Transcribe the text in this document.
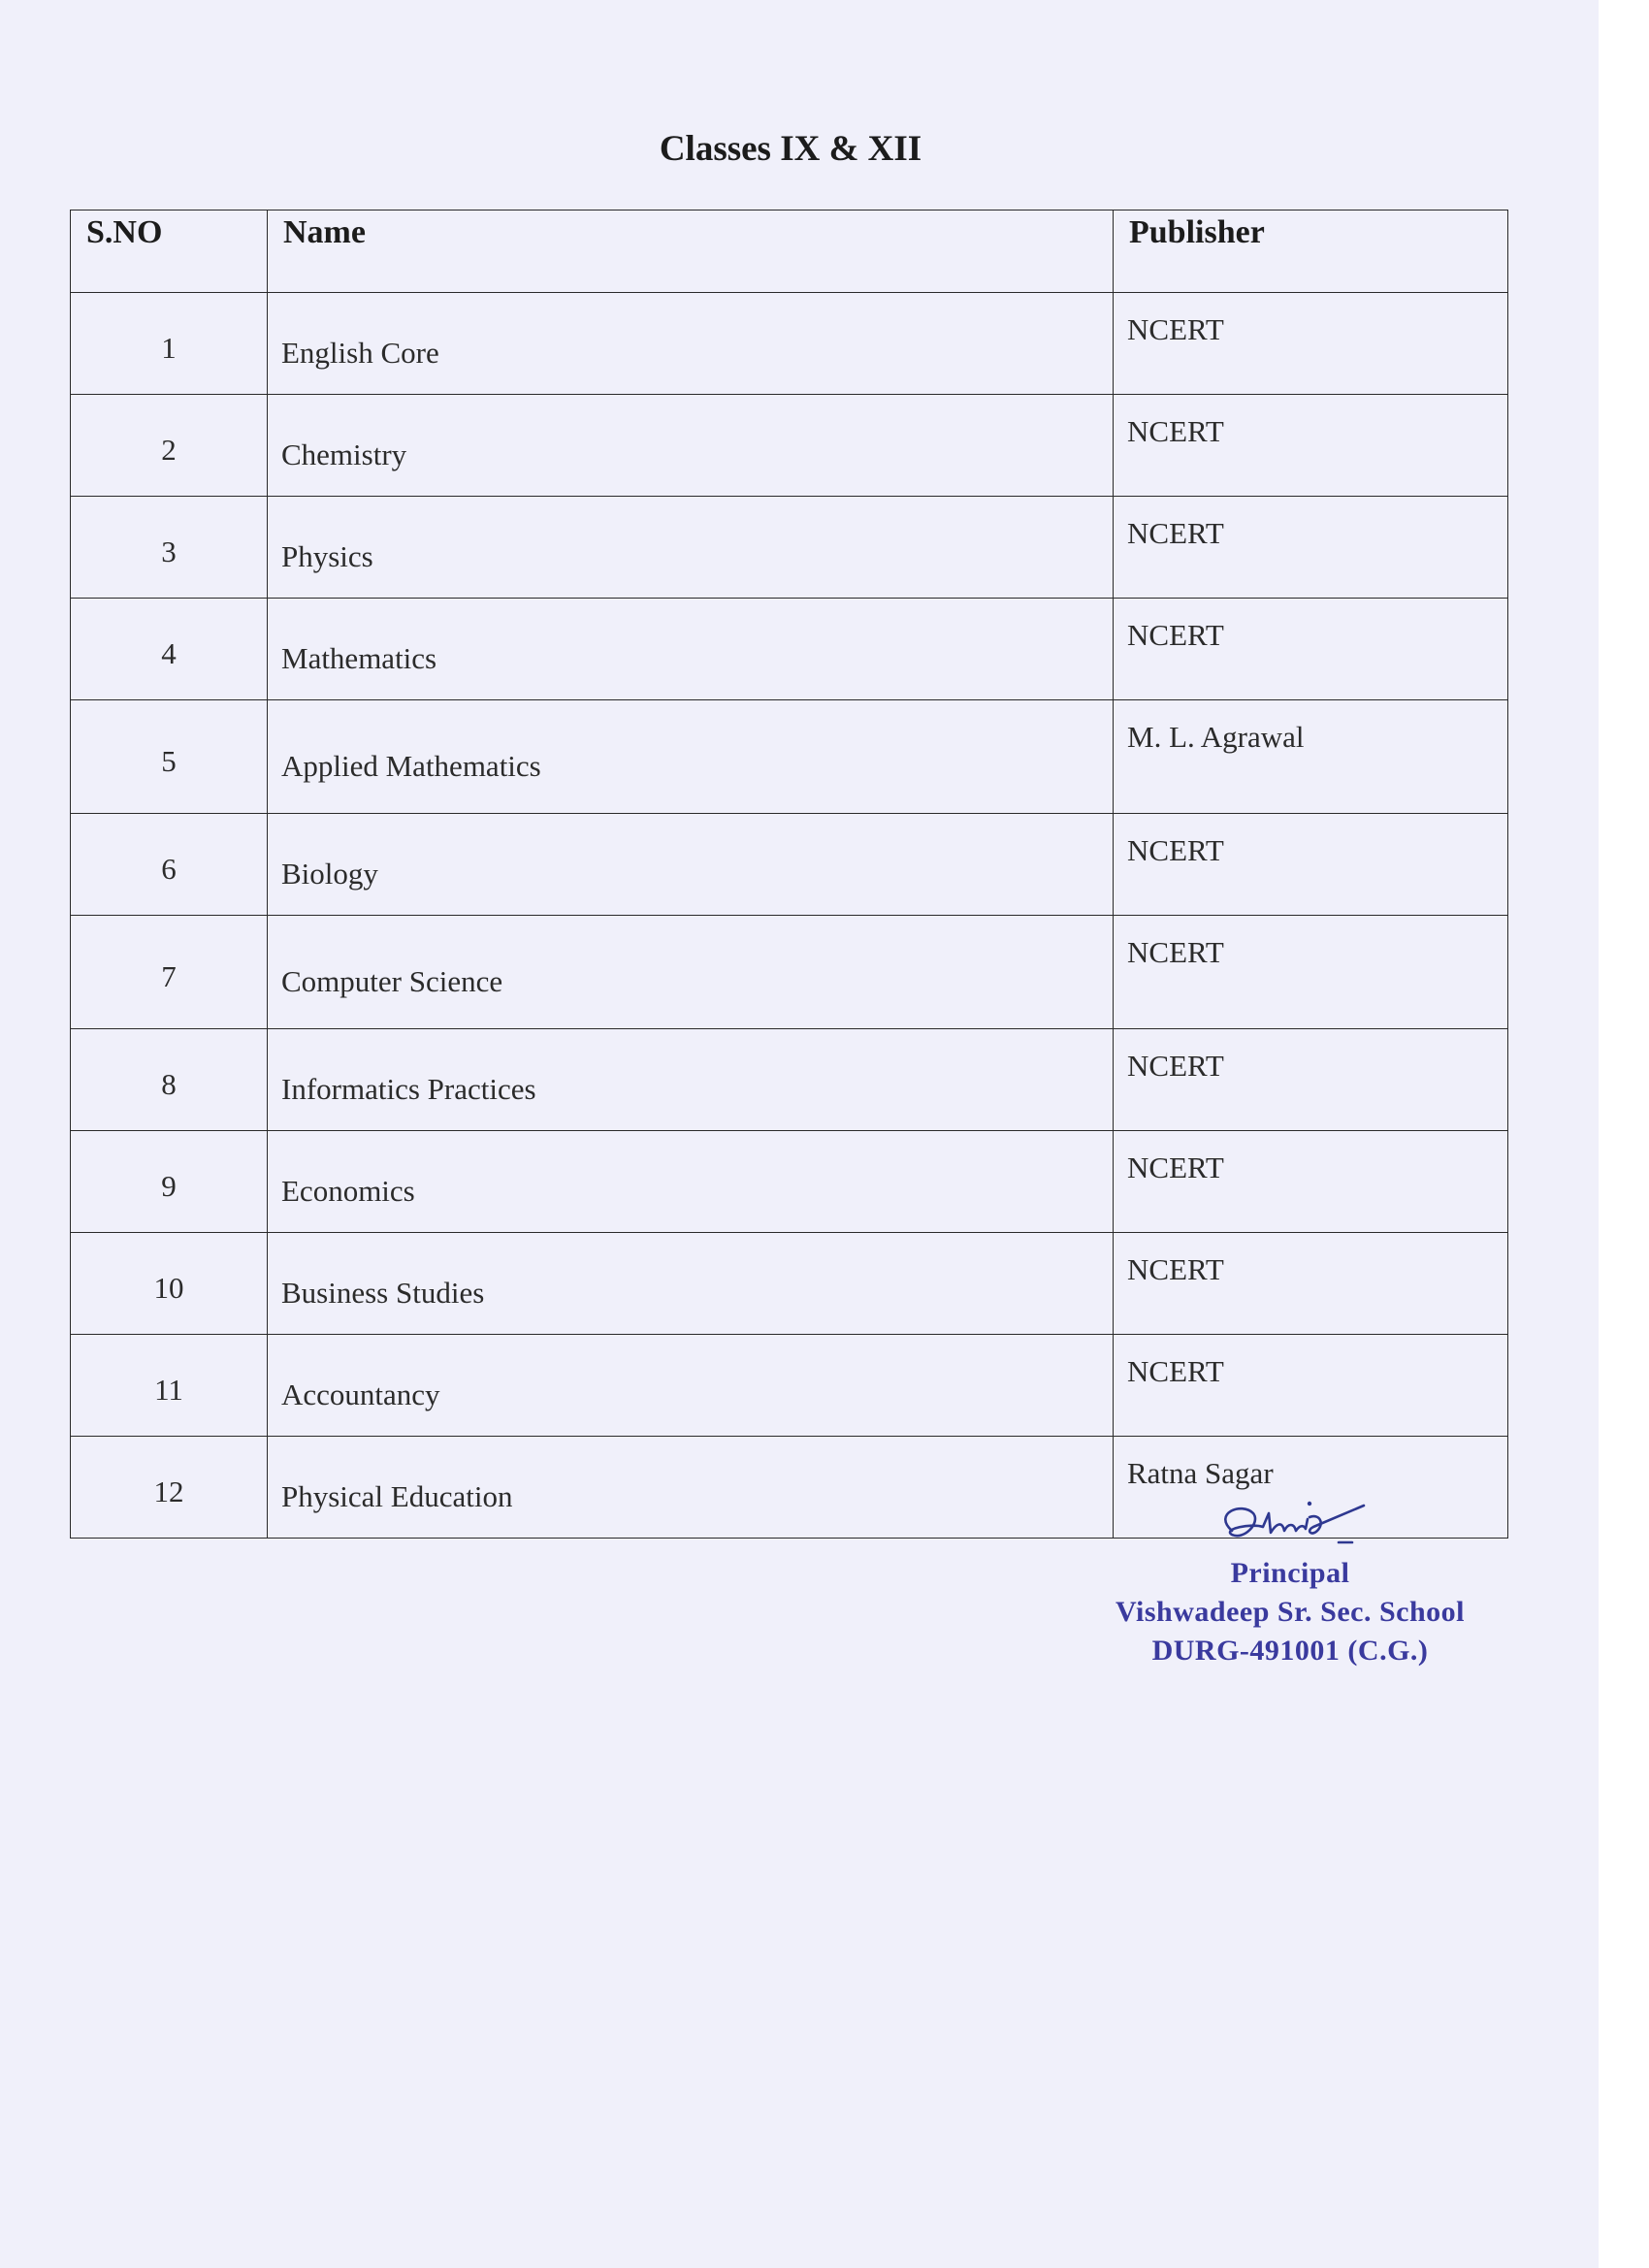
Classes IX & XII
S.NO	Name	Publisher
1	English Core	NCERT
2	Chemistry	NCERT
3	Physics	NCERT
4	Mathematics	NCERT
5	Applied Mathematics	M. L. Agrawal
6	Biology	NCERT
7	Computer Science	NCERT
8	Informatics Practices	NCERT
9	Economics	NCERT
10	Business Studies	NCERT
11	Accountancy	NCERT
12	Physical Education	Ratna Sagar
Principal
Vishwadeep Sr. Sec. School
DURG-491001 (C.G.)
